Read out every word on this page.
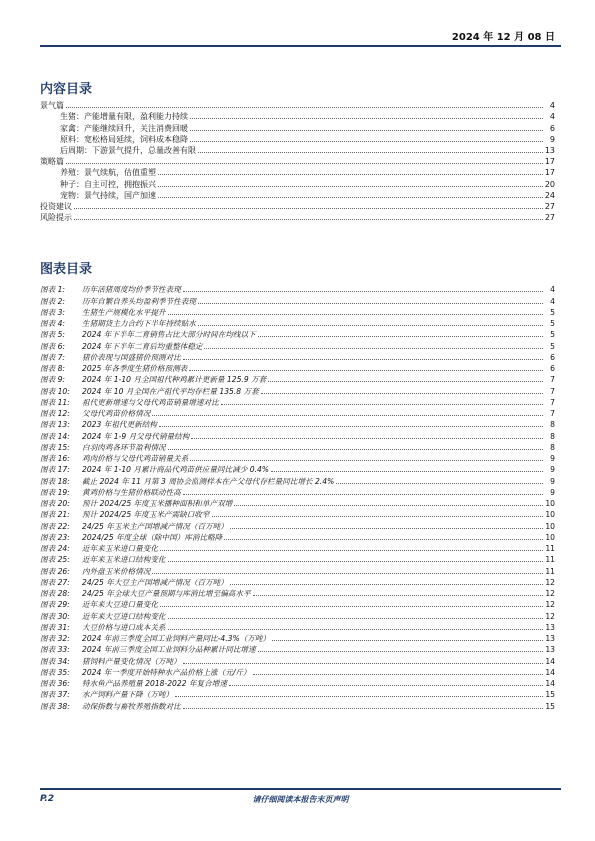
2024 年 12 月 08 日
内容目录
景气篇	4
生猪：产能增量有限，盈利能力持续	4
家禽：产能继续回升，关注消费回暖	6
原料：宽松格局延续，饲料成本稳降	9
后周期：下游景气提升，总量改善有限	13
策略篇	17
养殖：景气续航，估值重塑	17
种子：自主可控，拥抱振兴	20
宠物：景气持续，国产加速	24
投资建议	27
风险提示	27
图表目录
图表 1:	历年活猪周度均价季节性表现	4
图表 2:	历年自繁自养头均盈利季节性表现	4
图表 3:	生猪生产规模化水平提升	5
图表 4:	生猪期货主力合约下半年持续贴水	5
图表 5:	2024 年下半年二育销售占比大部分时间在均线以下	5
图表 6:	2024 年下半年二育后均重整体稳定	5
图表 7:	猪价表现与国盛猪价预测对比	6
图表 8:	2025 年各季度生猪价格预测表	6
图表 9:	2024 年 1-10 月全国祖代种鸡累计更新量 125.9 万套	7
图表 10:	2024 年 10 月全国在产祖代平均存栏量 135.8 万套	7
图表 11:	祖代更新增速与父母代鸡苗销量增速对比	7
图表 12:	父母代鸡苗价格情况	7
图表 13:	2023 年祖代更新结构	8
图表 14:	2024 年 1-9 月父母代销量结构	8
图表 15:	白羽肉鸡各环节盈利情况	8
图表 16:	鸡肉价格与父母代鸡苗销量关系	9
图表 17:	2024 年 1-10 月累计商品代鸡苗供应量同比减少 0.4%	9
图表 18:	截止 2024 年 11 月第 3 周协会监测样本在产父母代存栏量同比增长 2.4%	9
图表 19:	黄鸡价格与生猪价格联动性高	9
图表 20:	预计 2024/25 年度玉米播种面积和单产双增	10
图表 21:	预计 2024/25 年度玉米产需缺口收窄	10
图表 22:	24/25 年玉米主产国增减产情况（百万吨）	10
图表 23:	2024/25 年度全球（除中国）库消比略降	10
图表 24:	近年来玉米进口量变化	11
图表 25:	近年来玉米进口结构变化	11
图表 26:	内外盘玉米价格情况	11
图表 27:	24/25 年大豆主产国增减产情况（百万吨）	12
图表 28:	24/25 年全球大豆产量预期与库消比增至偏高水平	12
图表 29:	近年来大豆进口量变化	12
图表 30:	近年来大豆进口结构变化	12
图表 31:	大豆价格与进口成本关系	13
图表 32:	2024 年前三季度全国工业饲料产量同比-4.3%（万吨）	13
图表 33:	2024 年前三季度全国工业饲料分品种累计同比增速	13
图表 34:	猪饲料产量变化情况（万吨）	14
图表 35:	2024 年一季度开始特种水产品价格上涨（元/斤）	14
图表 36:	特水鱼产品养殖量 2018-2022 年复合增速	14
图表 37:	水产饲料产量下降（万吨）	15
图表 38:	动保指数与畜牧养殖指数对比	15
P.2	请仔细阅读本报告末页声明
